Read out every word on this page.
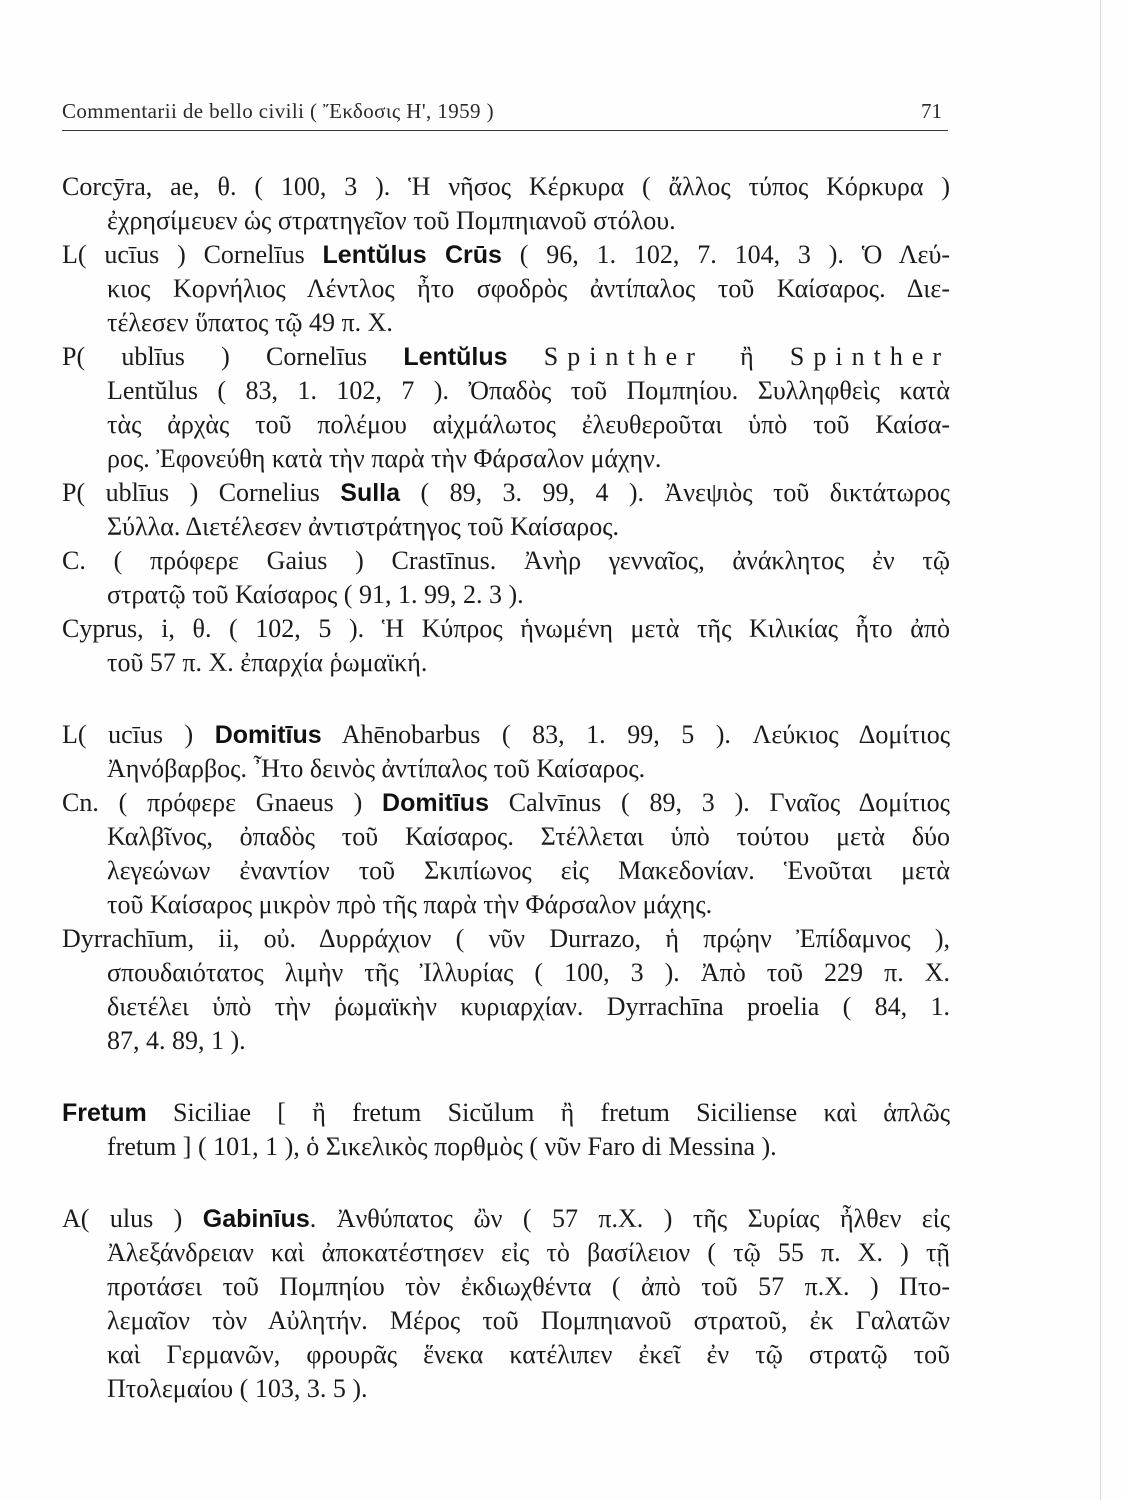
Commentarii de bello civili ( Ἔκδοσις Η', 1959 )	71
Corcȳra, ae, θ. ( 100, 3 ). Ἡ νῆσος Κέρκυρα ( ἄλλος τύπος Κόρκυρα )
ἐχρησίμευεν ὡς στρατηγεῖον τοῦ Πομπηιανοῦ στόλου.
L( ucīus ) Cornelīus Lentŭlus Crūs ( 96, 1. 102, 7. 104, 3 ). Ὁ Λεύ-
κιος Κορνήλιος Λέντλος ἦτο σφοδρὸς ἀντίπαλος τοῦ Καίσαρος. Διε-
τέλεσεν ὕπατος τῷ 49 π. Χ.
P( ublīus ) Cornelīus Lentŭlus Spinther ἢ Spinther
Lentŭlus ( 83, 1. 102, 7 ). Ὀπαδὸς τοῦ Πομπηίου. Συλληφθεὶς κατὰ
τὰς ἀρχὰς τοῦ πολέμου αἰχμάλωτος ἐλευθεροῦται ὑπὸ τοῦ Καίσα-
ρος. Ἐφονεύθη κατὰ τὴν παρὰ τὴν Φάρσαλον μάχην.
P( ublīus ) Cornelius Sulla ( 89, 3. 99, 4 ). Ἀνεψιὸς τοῦ δικτάτωρος
Σύλλα. Διετέλεσεν ἀντιστράτηγος τοῦ Καίσαρος.
C. ( πρόφερε Gaius ) Crastīnus. Ἀνὴρ γενναῖος, ἀνάκλητος ἐν τῷ
στρατῷ τοῦ Καίσαρος ( 91, 1. 99, 2. 3 ).
Cyprus, i, θ. ( 102, 5 ). Ἡ Κύπρος ἡνωμένη μετὰ τῆς Κιλικίας ἦτο ἀπὸ
τοῦ 57 π. Χ. ἐπαρχία ῥωμαϊκή.
L( ucīus ) Domitīus Ahēnobarbus ( 83, 1. 99, 5 ). Λεύκιος Δομίτιος
Ἀηνόβαρβος. Ἦτο δεινὸς ἀντίπαλος τοῦ Καίσαρος.
Cn. ( πρόφερε Gnaeus ) Domitīus Calvīnus ( 89, 3 ). Γναῖος Δομίτιος
Καλβῖνος, ὀπαδὸς τοῦ Καίσαρος. Στέλλεται ὑπὸ τούτου μετὰ δύο
λεγεώνων ἐναντίον τοῦ Σκιπίωνος εἰς Μακεδονίαν. Ἑνοῦται μετὰ
τοῦ Καίσαρος μικρὸν πρὸ τῆς παρὰ τὴν Φάρσαλον μάχης.
Dyrrachīum, ii, οὐ. Δυρράχιον ( νῦν Durrazo, ἡ πρῴην Ἐπίδαμνος ),
σπουδαιότατος λιμὴν τῆς Ἰλλυρίας ( 100, 3 ). Ἀπὸ τοῦ 229 π. Χ.
διετέλει ὑπὸ τὴν ῥωμαϊκὴν κυριαρχίαν. Dyrrachīna proelia ( 84, 1.
87, 4. 89, 1 ).
Fretum Siciliae [ ἢ fretum Sicŭlum ἢ fretum Siciliense καὶ ἁπλῶς
fretum ] ( 101, 1 ), ὁ Σικελικὸς πορθμὸς ( νῦν Faro di Messina ).
A( ulus ) Gabinīus. Ἀνθύπατος ὢν ( 57 π.Χ. ) τῆς Συρίας ἦλθεν εἰς
Ἀλεξάνδρειαν καὶ ἀποκατέστησεν εἰς τὸ βασίλειον ( τῷ 55 π. Χ. ) τῇ
προτάσει τοῦ Πομπηίου τὸν ἐκδιωχθέντα ( ἀπὸ τοῦ 57 π.Χ. ) Πτο-
λεμαῖον τὸν Αὐλητήν. Μέρος τοῦ Πομπηιανοῦ στρατοῦ, ἐκ Γαλατῶν
καὶ Γερμανῶν, φρουρᾶς ἕνεκα κατέλιπεν ἐκεῖ ἐν τῷ στρατῷ τοῦ
Πτολεμαίου ( 103, 3. 5 ).
